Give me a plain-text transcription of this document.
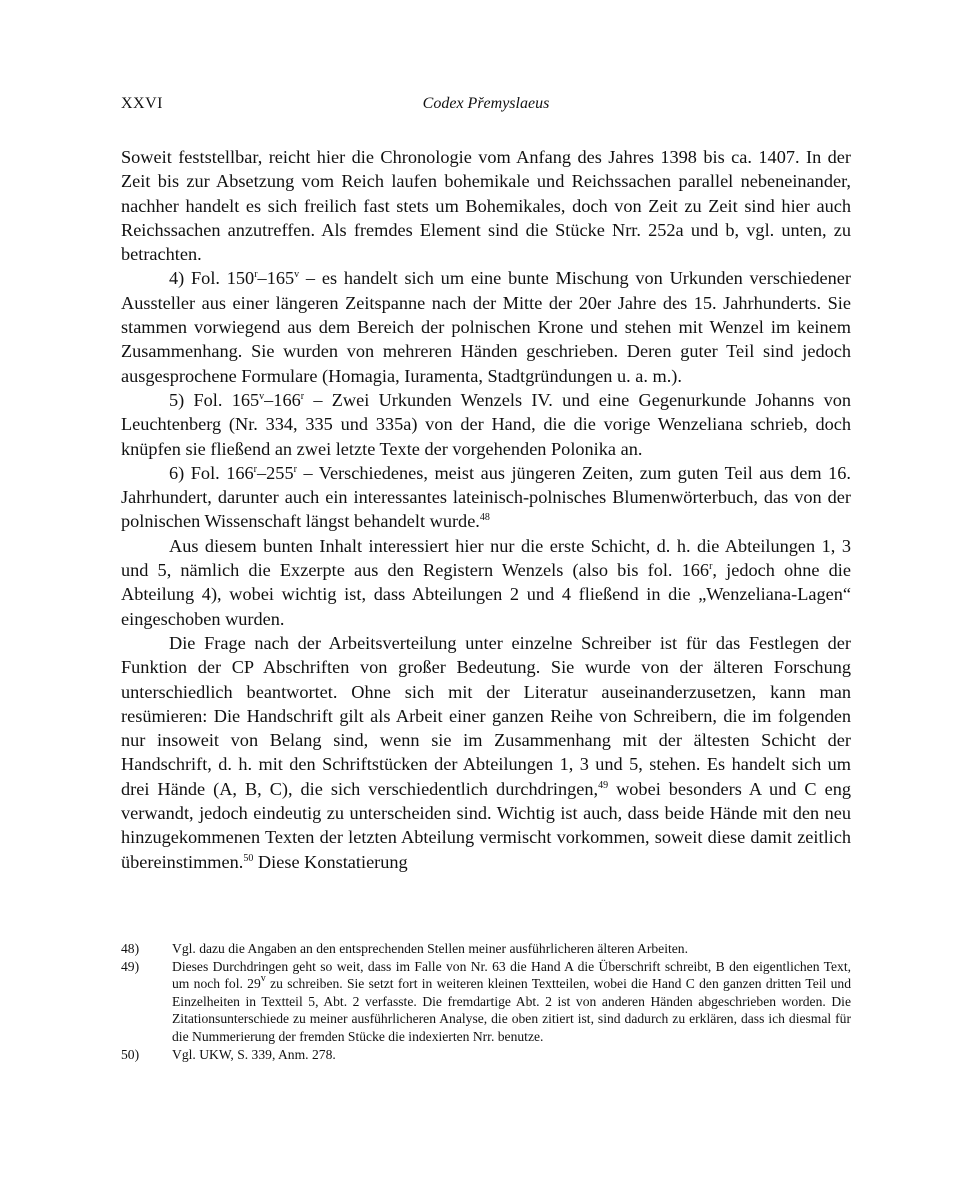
XXVI	Codex Přemyslaeus

Soweit feststellbar, reicht hier die Chronologie vom Anfang des Jahres 1398 bis ca. 1407. In der Zeit bis zur Absetzung vom Reich laufen bohemikale und Reichssachen parallel nebeneinander, nachher handelt es sich freilich fast stets um Bohemikales, doch von Zeit zu Zeit sind hier auch Reichssachen anzutreffen. Als fremdes Element sind die Stücke Nrr. 252a und b, vgl. unten, zu betrachten.

4) Fol. 150$^r$–165$^v$ – es handelt sich um eine bunte Mischung von Urkunden verschiedener Aussteller aus einer längeren Zeitspanne nach der Mitte der 20er Jahre des 15. Jahrhunderts. Sie stammen vorwiegend aus dem Bereich der polnischen Krone und stehen mit Wenzel im keinem Zusammenhang. Sie wurden von mehreren Händen geschrieben. Deren guter Teil sind jedoch ausgesprochene Formulare (Homagia, Iuramenta, Stadtgründungen u. a. m.).

5) Fol. 165$^v$–166$^r$ – Zwei Urkunden Wenzels IV. und eine Gegenurkunde Johanns von Leuchtenberg (Nr. 334, 335 und 335a) von der Hand, die die vorige Wenzeliana schrieb, doch knüpfen sie fließend an zwei letzte Texte der vorgehenden Polonika an.

6) Fol. 166$^r$–255$^r$ – Verschiedenes, meist aus jüngeren Zeiten, zum guten Teil aus dem 16. Jahrhundert, darunter auch ein interessantes lateinisch-polnisches Blumenwörterbuch, das von der polnischen Wissenschaft längst behandelt wurde.$^{48}$

Aus diesem bunten Inhalt interessiert hier nur die erste Schicht, d. h. die Abteilungen 1, 3 und 5, nämlich die Exzerpte aus den Registern Wenzels (also bis fol. 166$^r$, jedoch ohne die Abteilung 4), wobei wichtig ist, dass Abteilungen 2 und 4 fließend in die „Wenzeliana-Lagen“ eingeschoben wurden.

Die Frage nach der Arbeitsverteilung unter einzelne Schreiber ist für das Festlegen der Funktion der CP Abschriften von großer Bedeutung. Sie wurde von der älteren Forschung unterschiedlich beantwortet. Ohne sich mit der Literatur auseinanderzusetzen, kann man resümieren: Die Handschrift gilt als Arbeit einer ganzen Reihe von Schreibern, die im folgenden nur insoweit von Belang sind, wenn sie im Zusammenhang mit der ältesten Schicht der Handschrift, d. h. mit den Schriftstücken der Abteilungen 1, 3 und 5, stehen. Es handelt sich um drei Hände (A, B, C), die sich verschiedentlich durchdringen,$^{49}$ wobei besonders A und C eng verwandt, jedoch eindeutig zu unterscheiden sind. Wichtig ist auch, dass beide Hände mit den neu hinzugekommenen Texten der letzten Abteilung vermischt vorkommen, soweit diese damit zeitlich übereinstimmen.$^{50}$ Diese Konstatierung

48)	Vgl. dazu die Angaben an den entsprechenden Stellen meiner ausführlicheren älteren Arbeiten.
49)	Dieses Durchdringen geht so weit, dass im Falle von Nr. 63 die Hand A die Überschrift schreibt, B den eigentlichen Text, um noch fol. 29$^v$ zu schreiben. Sie setzt fort in weiteren kleinen Textteilen, wobei die Hand C den ganzen dritten Teil und Einzelheiten in Textteil 5, Abt. 2 verfasste. Die fremdartige Abt. 2 ist von anderen Händen abgeschrieben worden. Die Zitationsunterschiede zu meiner ausführlicheren Analyse, die oben zitiert ist, sind dadurch zu erklären, dass ich diesmal für die Nummerierung der fremden Stücke die indexierten Nrr. benutze.
50)	Vgl. UKW, S. 339, Anm. 278.
